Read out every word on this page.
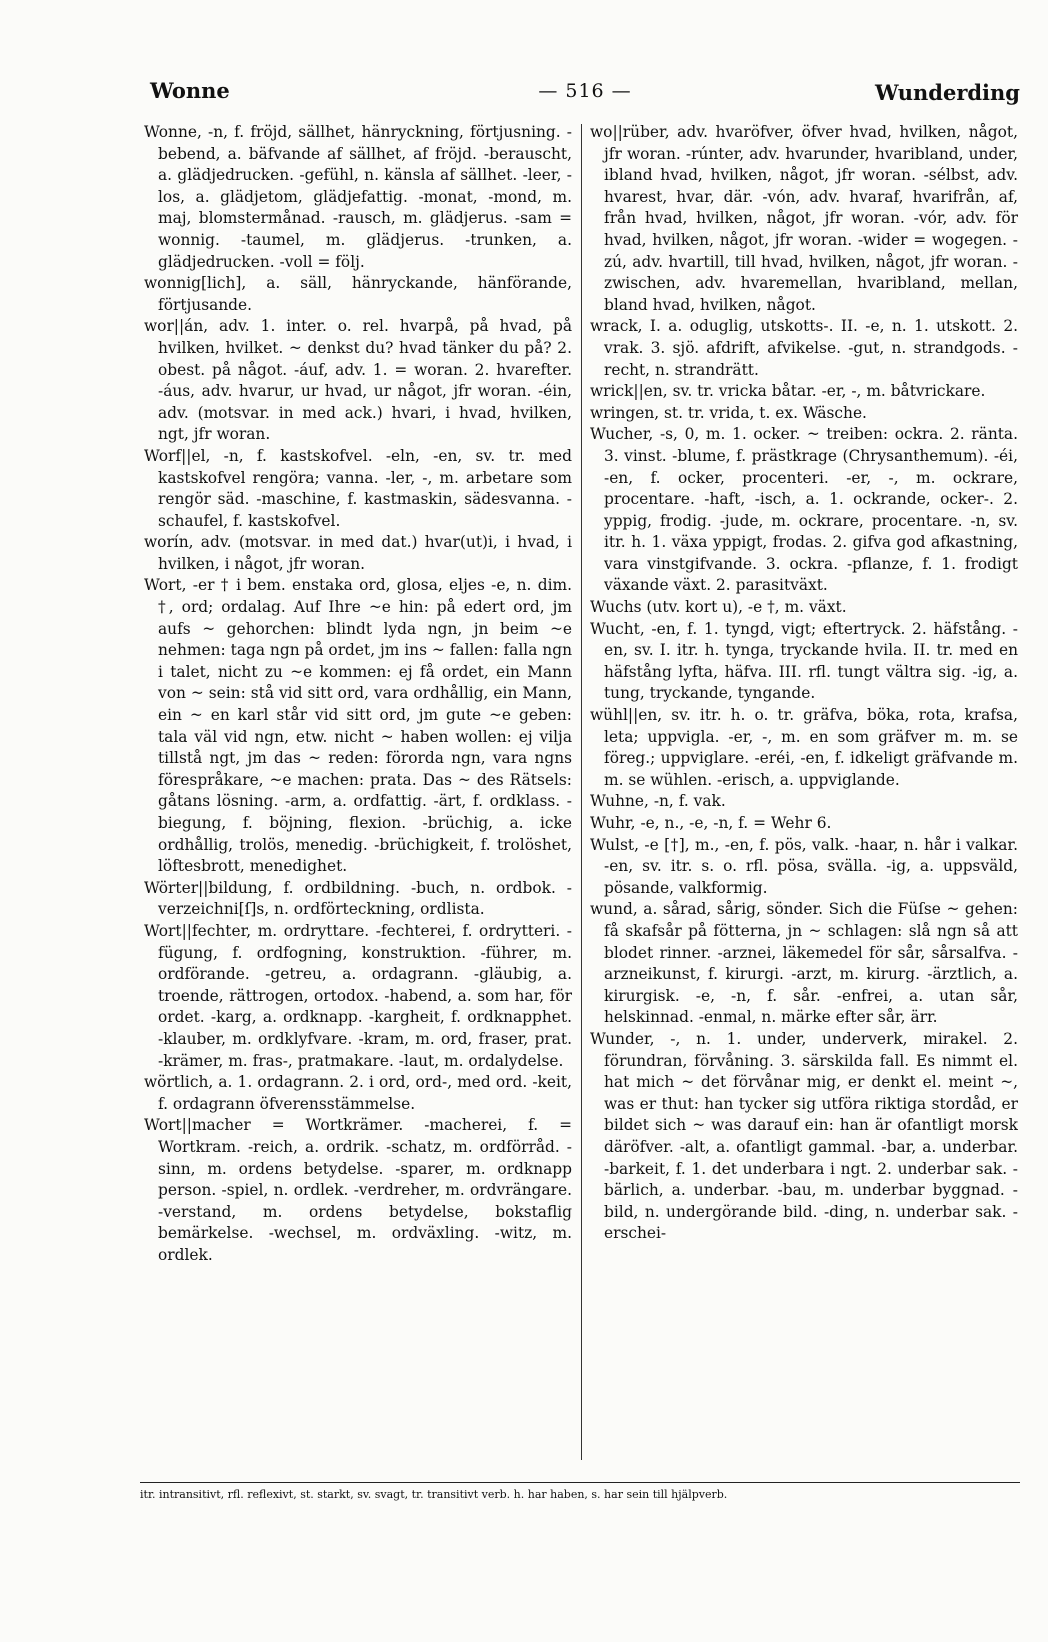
Wonne	— 516 —	Wunderding

Wonne, -n, f. fröjd, sällhet, hänryckning, förtjusning. -bebend, a. bäfvande af sällhet, af fröjd. -berauscht, a. glädjedrucken. -gefühl, n. känsla af sällhet. -leer, -los, a. glädjetom, glädjefattig. -monat, -mond, m. maj, blomstermånad. -rausch, m. glädjerus. -sam = wonnig. -taumel, m. glädjerus. -trunken, a. glädjedrucken. -voll = följ.

wonnig[lich], a. säll, hänryckande, hänförande, förtjusande.

wor||án, adv. 1. inter. o. rel. hvarpå, på hvad, på hvilken, hvilket. ~ denkst du? hvad tänker du på? 2. obest. på något. -áuf, adv. 1. = woran. 2. hvarefter. -áus, adv. hvarur, ur hvad, ur något, jfr woran. -éin, adv. (motsvar. in med ack.) hvari, i hvad, hvilken, ngt, jfr woran.

Worf||el, -n, f. kastskofvel. -eln, -en, sv. tr. med kastskofvel rengöra; vanna. -ler, -, m. arbetare som rengör säd. -maschine, f. kastmaskin, sädesvanna. -schaufel, f. kastskofvel.

worín, adv. (motsvar. in med dat.) hvar(ut)i, i hvad, i hvilken, i något, jfr woran.

Wort, -er † i bem. enstaka ord, glosa, eljes -e, n. dim. †, ord; ordalag. Auf Ihre ~e hin: på edert ord, jm aufs ~ gehorchen: blindt lyda ngn, jn beim ~e nehmen: taga ngn på ordet, jm ins ~ fallen: falla ngn i talet, nicht zu ~e kommen: ej få ordet, ein Mann von ~ sein: stå vid sitt ord, vara ordhållig, ein Mann, ein ~ en karl står vid sitt ord, jm gute ~e geben: tala väl vid ngn, etw. nicht ~ haben wollen: ej vilja tillstå ngt, jm das ~ reden: förorda ngn, vara ngns förespråkare, ~e machen: prata. Das ~ des Rätsels: gåtans lösning. -arm, a. ordfattig. -ärt, f. ordklass. -biegung, f. böjning, flexion. -brüchig, a. icke ordhållig, trolös, menedig. -brüchigkeit, f. trolöshet, löftesbrott, menedighet.

Wörter||bildung, f. ordbildning. -buch, n. ordbok. -verzeichni[ſ]s, n. ordförteckning, ordlista.

Wort||fechter, m. ordryttare. -fechterei, f. ordrytteri. -fügung, f. ordfogning, konstruktion. -führer, m. ordförande. -getreu, a. ordagrann. -gläubig, a. troende, rättrogen, ortodox. -habend, a. som har, för ordet. -karg, a. ordknapp. -kargheit, f. ordknapphet. -klauber, m. ordklyfvare. -kram, m. ord, fraser, prat. -krämer, m. fras-, pratmakare. -laut, m. ordalydelse.

wörtlich, a. 1. ordagrann. 2. i ord, ord-, med ord. -keit, f. ordagrann öfverensstämmelse.

Wort||macher = Wortkrämer. -macherei, f. = Wortkram. -reich, a. ordrik. -schatz, m. ordförråd. -sinn, m. ordens betydelse. -sparer, m. ordknapp person. -spiel, n. ordlek. -verdreher, m. ordvrängare. -verstand, m. ordens betydelse, bokstaflig bemärkelse. -wechsel, m. ordväxling. -witz, m. ordlek.

wo||rüber, adv. hvaröfver, öfver hvad, hvilken, något, jfr woran. -rúnter, adv. hvarunder, hvaribland, under, ibland hvad, hvilken, något, jfr woran. -sélbst, adv. hvarest, hvar, där. -vón, adv. hvaraf, hvarifrån, af, från hvad, hvilken, något, jfr woran. -vór, adv. för hvad, hvilken, något, jfr woran. -wider = wogegen. -zú, adv. hvartill, till hvad, hvilken, något, jfr woran. -zwischen, adv. hvaremellan, hvaribland, mellan, bland hvad, hvilken, något.

wrack, I. a. oduglig, utskotts-. II. -e, n. 1. utskott. 2. vrak. 3. sjö. afdrift, afvikelse. -gut, n. strandgods. -recht, n. strandrätt.

wrick||en, sv. tr. vricka båtar. -er, -, m. båtvrickare.

wringen, st. tr. vrida, t. ex. Wäsche.

Wucher, -s, 0, m. 1. ocker. ~ treiben: ockra. 2. ränta. 3. vinst. -blume, f. prästkrage (Chrysanthemum). -éi, -en, f. ocker, procenteri. -er, -, m. ockrare, procentare. -haft, -isch, a. 1. ockrande, ocker-. 2. yppig, frodig. -jude, m. ockrare, procentare. -n, sv. itr. h. 1. växa yppigt, frodas. 2. gifva god afkastning, vara vinstgifvande. 3. ockra. -pflanze, f. 1. frodigt växande växt. 2. parasitväxt.

Wuchs (utv. kort u), -e †, m. växt.

Wucht, -en, f. 1. tyngd, vigt; eftertryck. 2. häfstång. -en, sv. I. itr. h. tynga, tryckande hvila. II. tr. med en häfstång lyfta, häfva. III. rfl. tungt vältra sig. -ig, a. tung, tryckande, tyngande.

wühl||en, sv. itr. h. o. tr. gräfva, böka, rota, krafsa, leta; uppvigla. -er, -, m. en som gräfver m. m. se föreg.; uppviglare. -eréi, -en, f. idkeligt gräfvande m. m. se wühlen. -erisch, a. uppviglande.

Wuhne, -n, f. vak.

Wuhr, -e, n., -e, -n, f. = Wehr 6.

Wulst, -e [†], m., -en, f. pös, valk. -haar, n. hår i valkar. -en, sv. itr. s. o. rfl. pösa, svälla. -ig, a. uppsväld, pösande, valkformig.

wund, a. sårad, sårig, sönder. Sich die Füſse ~ gehen: få skafsår på fötterna, jn ~ schlagen: slå ngn så att blodet rinner. -arznei, läkemedel för sår, sårsalfva. -arzneikunst, f. kirurgi. -arzt, m. kirurg. -ärztlich, a. kirurgisk. -e, -n, f. sår. -enfrei, a. utan sår, helskinnad. -enmal, n. märke efter sår, ärr.

Wunder, -, n. 1. under, underverk, mirakel. 2. förundran, förvåning. 3. särskilda fall. Es nimmt el. hat mich ~ det förvånar mig, er denkt el. meint ~, was er thut: han tycker sig utföra riktiga stordåd, er bildet sich ~ was darauf ein: han är ofantligt morsk däröfver. -alt, a. ofantligt gammal. -bar, a. underbar. -barkeit, f. 1. det underbara i ngt. 2. underbar sak. -bärlich, a. underbar. -bau, m. underbar byggnad. -bild, n. undergörande bild. -ding, n. underbar sak. -erschei-

itr. intransitivt, rfl. reflexivt, st. starkt, sv. svagt, tr. transitivt verb. h. har haben, s. har sein till hjälpverb.
